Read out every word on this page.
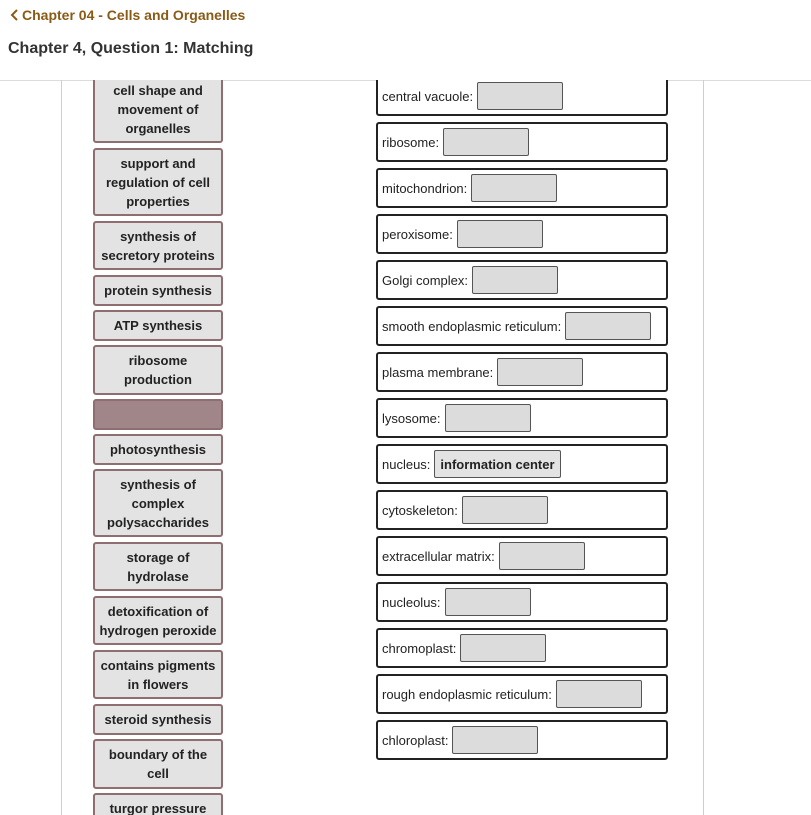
Chapter 04 - Cells and Organelles
Chapter 4, Question 1: Matching
cell shape and movement of organelles
support and regulation of cell properties
synthesis of secretory proteins
protein synthesis
ATP synthesis
ribosome production
photosynthesis
synthesis of complex polysaccharides
storage of hydrolase
detoxification of hydrogen peroxide
contains pigments in flowers
steroid synthesis
boundary of the cell
turgor pressure
central vacuole:
ribosome:
mitochondrion:
peroxisome:
Golgi complex:
smooth endoplasmic reticulum:
plasma membrane:
lysosome:
nucleus: information center
cytoskeleton:
extracellular matrix:
nucleolus:
chromoplast:
rough endoplasmic reticulum:
chloroplast:
